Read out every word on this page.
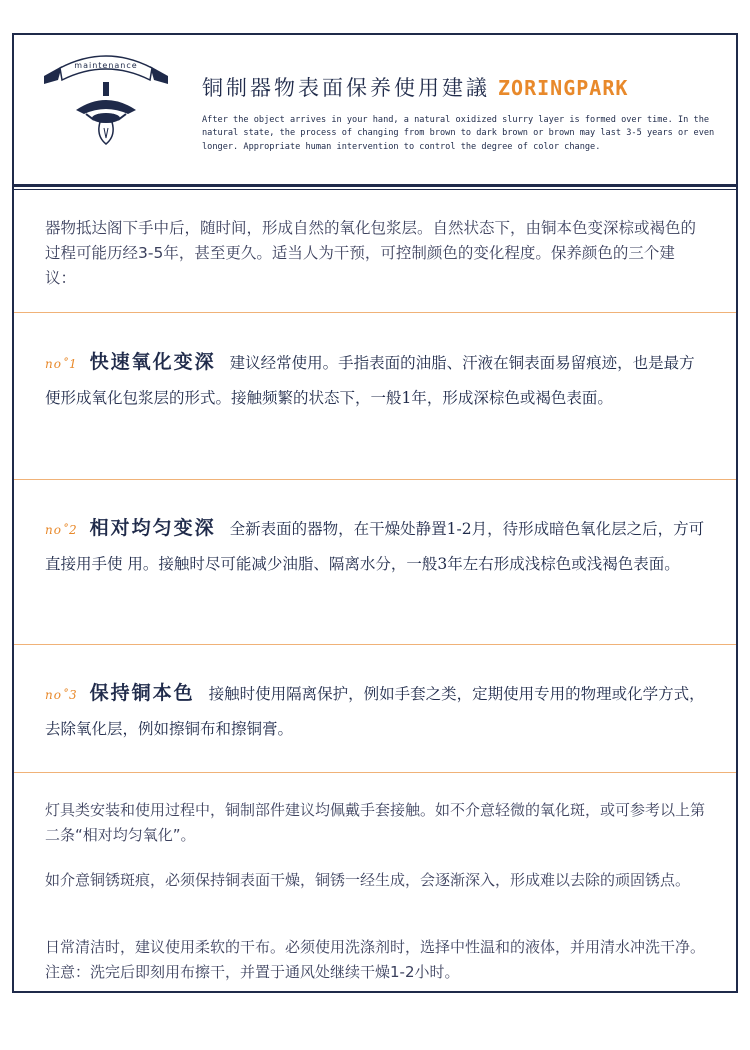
maintenance
铜制器物表面保养使用建議 ZORINGPARK
After the object arrives in your hand, a natural oxidized slurry layer is formed over time. In the natural state, the process of changing from brown to dark brown or brown may last 3-5 years or even longer. Appropriate human intervention to control the degree of color change.
器物抵达阁下手中后，随时间，形成自然的氧化包浆层。自然状态下，由铜本色变深棕或褐色的过程可能历经3-5年，甚至更久。适当人为干预，可控制颜色的变化程度。保养颜色的三个建议：
no˚1 快速氧化变深 建议经常使用。手指表面的油脂、汗液在铜表面易留痕迹，也是最方便形成氧化包浆层的形式。接触频繁的状态下，一般1年，形成深棕色或褐色表面。
no˚2 相对均匀变深 全新表面的器物，在干燥处静置1-2月，待形成暗色氧化层之后，方可直接用手使 用。接触时尽可能减少油脂、隔离水分，一般3年左右形成浅棕色或浅褐色表面。
no˚3 保持铜本色 接触时使用隔离保护，例如手套之类，定期使用专用的物理或化学方式，去除氧化层，例如擦铜布和擦铜膏。
灯具类安装和使用过程中，铜制部件建议均佩戴手套接触。如不介意轻微的氧化斑，或可参考以上第二条“相对均匀氧化”。
如介意铜锈斑痕，必须保持铜表面干燥，铜锈一经生成，会逐渐深入，形成难以去除的顽固锈点。
日常清洁时，建议使用柔软的干布。必须使用洗涤剂时，选择中性温和的液体，并用清水冲洗干净。注意：洗完后即刻用布擦干，并置于通风处继续干燥1-2小时。
